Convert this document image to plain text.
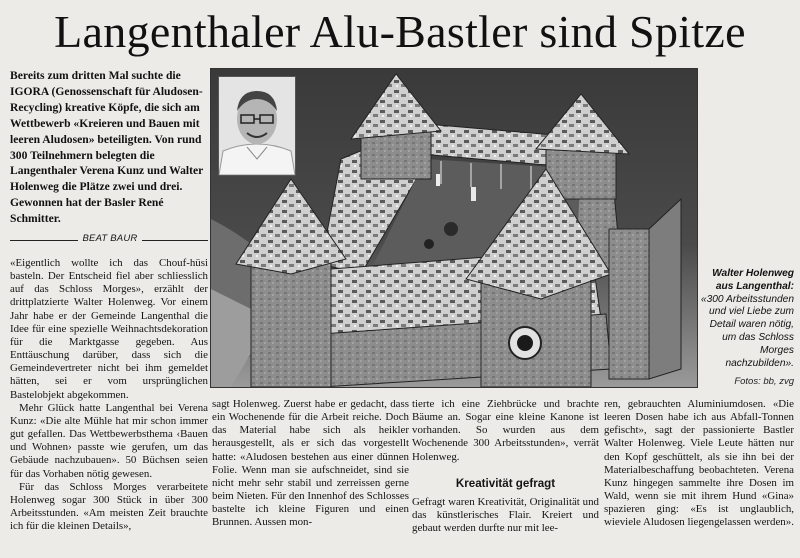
Langenthaler Alu-Bastler sind Spitze
Bereits zum dritten Mal suchte die IGORA (Genossenschaft für Aludosen-Recycling) kreative Köpfe, die sich am Wettbewerb «Kreieren und Bauen mit leeren Aludosen» beteiligten. Von rund 300 Teilnehmern belegten die Langenthaler Verena Kunz und Walter Holenweg die Plätze zwei und drei. Gewonnen hat der Basler René Schmitter.
BEAT BAUR

«Eigentlich wollte ich das Chouf-hüsi basteln. Der Entscheid fiel aber schliesslich auf das Schloss Morges», erzählt der drittplatzierte Walter Holenweg. Vor einem Jahr habe er der Gemeinde Langenthal die Idee für eine spezielle Weihnachtsdekoration für die Marktgasse gegeben. Aus Enttäuschung darüber, dass sich die Gemeindevertreter nicht bei ihm gemeldet hätten, sei er vom ursprünglichen Bastelobjekt abgekommen.

Mehr Glück hatte Langenthal bei Verena Kunz: «Die alte Mühle hat mir schon immer gut gefallen. Das Wettbewerbsthema ‹Bauen und Wohnen› passte wie gerufen, um das Gebäude nachzubauen». 50 Büchsen seien für das Vorhaben nötig gewesen.

Für das Schloss Morges verarbeitete Holenweg sogar 300 Stück in über 300 Arbeitsstunden. «Am meisten Zeit brauchte ich für die kleinen Details»,

Walter Holenweg
aus Langenthal:
«300 Arbeitsstunden und viel Liebe zum Detail waren nötig, um das Schloss Morges nachzubilden».
Fotos: bb, zvg

sagt Holenweg. Zuerst habe er gedacht, dass ein Wochenende für die Arbeit reiche. Doch das Material habe sich als heikler herausgestellt, als er sich das vorgestellt hatte: «Aludosen bestehen aus einer dünnen Folie. Wenn man sie aufschneidet, sind sie nicht mehr sehr stabil und zerreissen gerne beim Nieten. Für den Innenhof des Schlosses bastelte ich kleine Figuren und einen Brunnen. Aussen mon-

tierte ich eine Ziehbrücke und brachte Bäume an. Sogar eine kleine Kanone ist vorhanden. So wurden aus dem Wochenende 300 Arbeitsstunden», verrät Holenweg.

Kreativität gefragt

Gefragt waren Kreativität, Originalität und das künstlerisches Flair. Kreiert und gebaut werden durfte nur mit lee-

ren, gebrauchten Aluminiumdosen. «Die leeren Dosen habe ich aus Abfall-Tonnen gefischt», sagt der passionierte Bastler Walter Holenweg. Viele Leute hätten nur den Kopf geschüttelt, als sie ihn bei der Materialbeschaffung beobachteten. Verena Kunz hingegen sammelte ihre Dosen im Wald, wenn sie mit ihrem Hund «Gina» spazieren ging: «Es ist unglaublich, wieviele Aludosen liegengelassen werden».
